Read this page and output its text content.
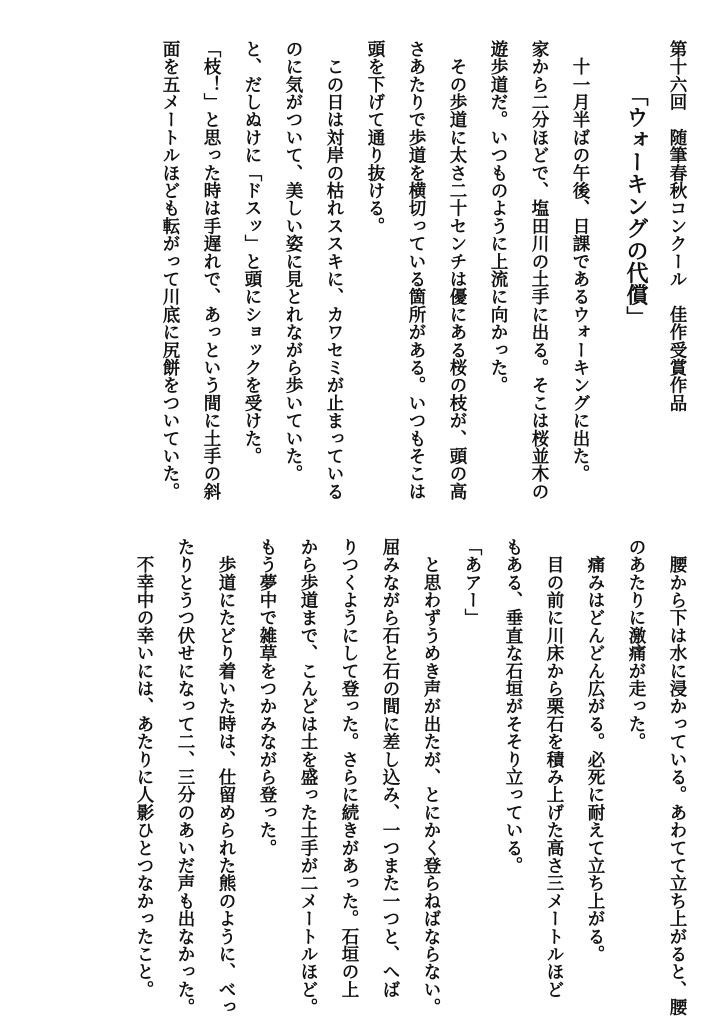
第十六回　随筆春秋コンクール　佳作受賞作品
「ウォーキングの代償」
　十一月半ばの午後、日課であるウォーキングに出た。
家から二分ほどで、塩田川の土手に出る。そこは桜並木の
遊歩道だ。いつものように上流に向かった。
　その歩道に太さ二十センチは優にある桜の枝が、頭の高
さあたりで歩道を横切っている箇所がある。いつもそこは
頭を下げて通り抜ける。
　この日は対岸の枯れススキに、カワセミが止まっている
のに気がついて、美しい姿に見とれながら歩いていた。
と、だしぬけに「ドスッ」と頭にショックを受けた。
「枝！」と思った時は手遅れで、あっという間に土手の斜
面を五メートルほども転がって川底に尻餅をついていた。
　腰から下は水に浸かっている。あわてて立ち上がると、腰
のあたりに激痛が走った。
　痛みはどんどん広がる。必死に耐えて立ち上がる。
　目の前に川床から栗石を積み上げた高さ三メートルほど
もある、垂直な石垣がそそり立っている。
「あアー」
　と思わずうめき声が出たが、とにかく登らねばならない。
屈みながら石と石の間に差し込み、一つまた一つと、へば
りつくようにして登った。さらに続きがあった。石垣の上
から歩道まで、こんどは土を盛った土手が二メートルほど。
もう夢中で雑草をつかみながら登った。
　歩道にたどり着いた時は、仕留められた熊のように、べっ
たりとうつ伏せになって二、三分のあいだ声も出なかった。
　不幸中の幸いには、あたりに人影ひとつなかったこと。
